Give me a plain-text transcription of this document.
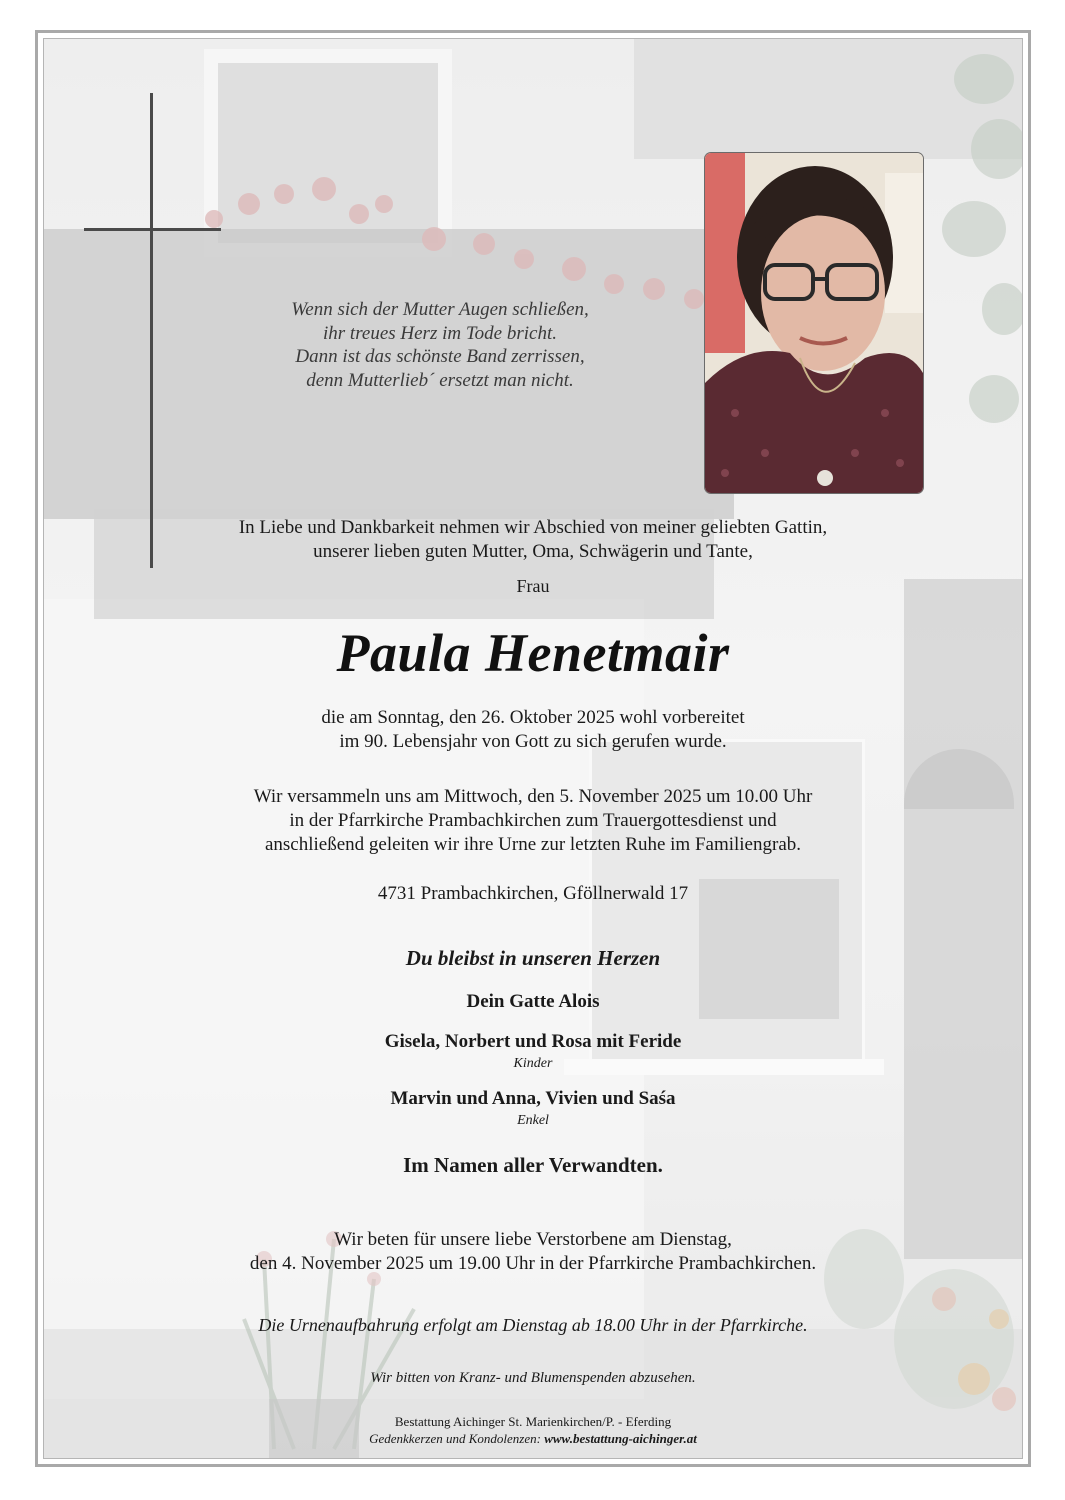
Wenn sich der Mutter Augen schließen,
ihr treues Herz im Tode bricht.
Dann ist das schönste Band zerrissen,
denn Mutterlieb´ ersetzt man nicht.
In Liebe und Dankbarkeit nehmen wir Abschied von meiner geliebten Gattin,
unserer lieben guten Mutter, Oma, Schwägerin und Tante,
Frau
Paula Henetmair
die am Sonntag, den 26. Oktober 2025 wohl vorbereitet
im 90. Lebensjahr von Gott zu sich gerufen wurde.
Wir versammeln uns am Mittwoch, den 5. November 2025 um 10.00 Uhr
in der Pfarrkirche Prambachkirchen zum Trauergottesdienst und
anschließend geleiten wir ihre Urne zur letzten Ruhe im Familiengrab.
4731 Prambachkirchen, Gföllnerwald 17
Du bleibst in unseren Herzen
Dein Gatte Alois
Gisela, Norbert und Rosa mit Feride
Kinder
Marvin und Anna, Vivien und Saśa
Enkel
Im Namen aller Verwandten.
Wir beten für unsere liebe Verstorbene am Dienstag,
den 4. November 2025 um 19.00 Uhr in der Pfarrkirche Prambachkirchen.
Die Urnenaufbahrung erfolgt am Dienstag ab 18.00 Uhr in der Pfarrkirche.
Wir bitten von Kranz- und Blumenspenden abzusehen.
Bestattung Aichinger St. Marienkirchen/P. - Eferding
Gedenkkerzen und Kondolenzen: www.bestattung-aichinger.at
